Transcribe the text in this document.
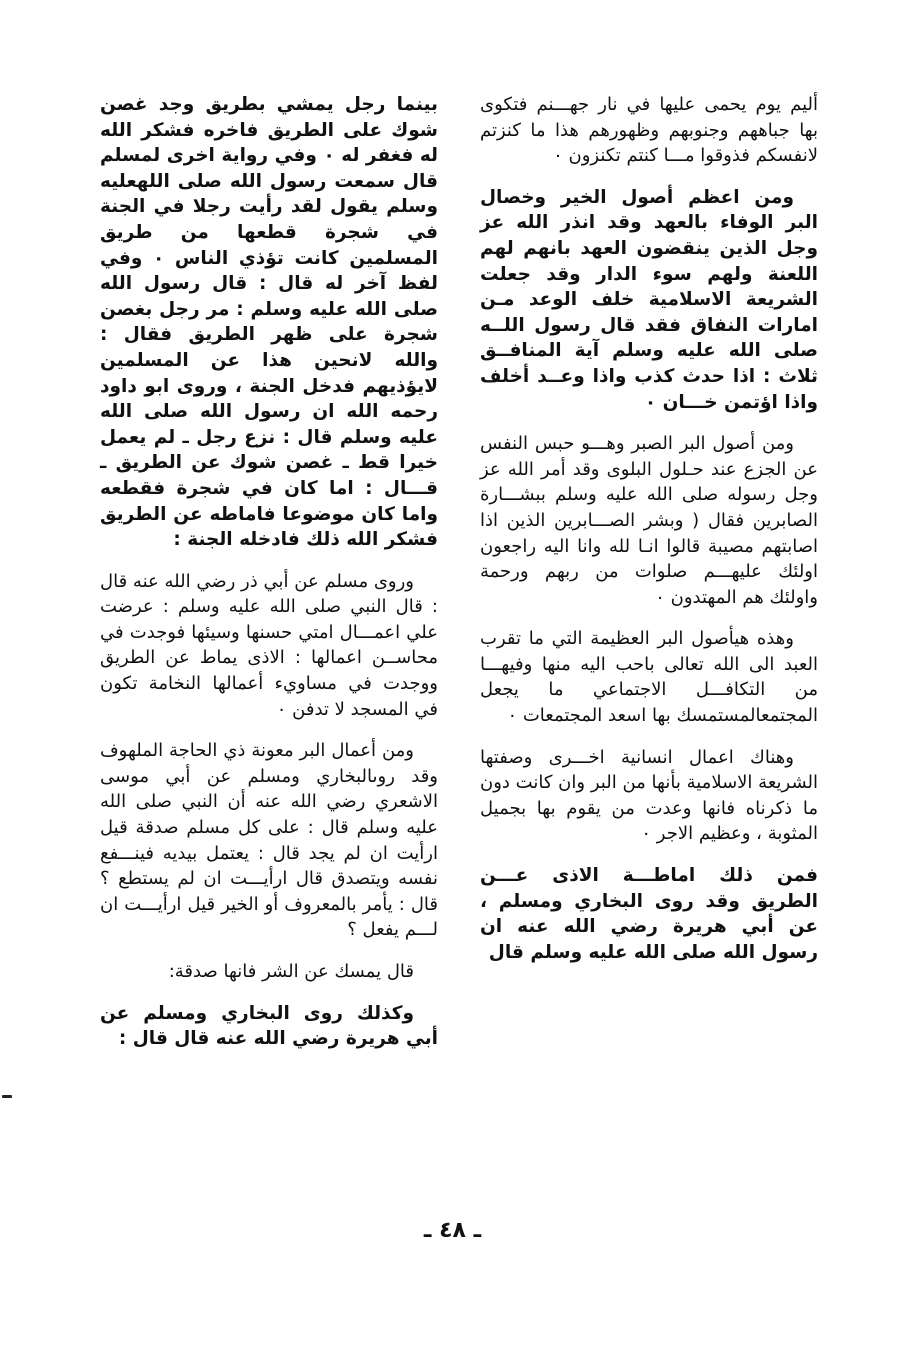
أليم يوم يحمى عليها في نار جهـــنم فتكوى بها جباههم وجنوبهم وظهورهم هذا ما كنزتم لانفسكم فذوقوا مـــا كنتم تكنزون ٠

ومن اعظم أصول الخير وخصال البر الوفاء بالعهد وقد انذر الله عز وجل الذين ينقضون العهد بانهم لهم اللعنة ولهم سوء الدار وقد جعلت الشريعة الاسلامية خلف الوعد مـن امارات النفاق فقد قال رسول اللــه صلى الله عليه وسلم آية المنافــق ثلاث : اذا حدث كذب واذا وعــد أخلف واذا اؤتمن خـــان ٠

ومن أصول البر الصبر وهـــو حبس النفس عن الجزع عند حـلول البلوى وقد أمر الله عز وجل رسوله صلى الله عليه وسلم ببشـــارة الصابرين فقال ( وبشر الصـــابرين الذين اذا اصابتهم مصيبة قالوا انـا لله وانا اليه راجعون اولئك عليهـــم صلوات من ربهم ورحمة واولئك هم المهتدون ٠

وهذه هيأصول البر العظيمة التي ما تقرب العبد الى الله تعالى باحب اليه منها وفيهـــا من التكافـــل الاجتماعي ما يجعل المجتمعالمستمسك بها اسعد المجتمعات ٠

وهناك اعمال انسانية اخـــرى وصفتها الشريعة الاسلامية بأنها من البر وان كانت دون ما ذكرناه فانها وعدت من يقوم بها بجميل المثوبة ، وعظيم الاجر ٠

فمن ذلك اماطـــة الاذى عـــن الطريق وقد روى البخاري ومسلم ، عن أبي هريرة رضي الله عنه ان رسول الله صلى الله عليه وسلم قال

بينما رجل يمشي بطريق وجد غصن شوك على الطريق فاخره فشكر الله له فغفر له ٠ وفي رواية اخرى لمسلم قال سمعت رسول الله صلى اللهعليه وسلم يقول لقد رأيت رجلا في الجنة في شجرة قطعها من طريق المسلمين كانت تؤذي الناس ٠ وفي لفظ آخر له قال : قال رسول الله صلى الله عليه وسلم : مر رجل بغصن شجرة على ظهر الطريق فقال : والله لانحين هذا عن المسلمين لايؤذيهم فدخل الجنة ، وروى ابو داود رحمه الله ان رسول الله صلى الله عليه وسلم قال : نزع رجل ـ لم يعمل خيرا قط ـ غصن شوك عن الطريق ـ قـــال : اما كان في شجرة فقطعه واما كان موضوعا فاماطه عن الطريق فشكر الله ذلك فادخله الجنة :

وروى مسلم عن أبي ذر رضي الله عنه قال : قال النبي صلى الله عليه وسلم : عرضت علي اعمـــال امتي حسنها وسيئها فوجدت في محاســن اعمالها : الاذى يماط عن الطريق ووجدت في مساويء أعمالها النخامة تكون في المسجد لا تدفن ٠

ومن أعمال البر معونة ذي الحاجة الملهوف وقد روىالبخاري ومسلم عن أبي موسى الاشعري رضي الله عنه أن النبي صلى الله عليه وسلم قال : على كل مسلم صدقة قيل ارأيت ان لم يجد قال : يعتمل بيديه فينـــفع نفسه ويتصدق قال ارأيـــت ان لم يستطع ؟ قال : يأمر بالمعروف أو الخير قيل ارأيـــت ان لـــم يفعل ؟

قال يمسك عن الشر فانها صدقة:

وكذلك روى البخاري ومسلم عن أبي هريرة رضي الله عنه قال قال :

ـ ٤٨ ـ
